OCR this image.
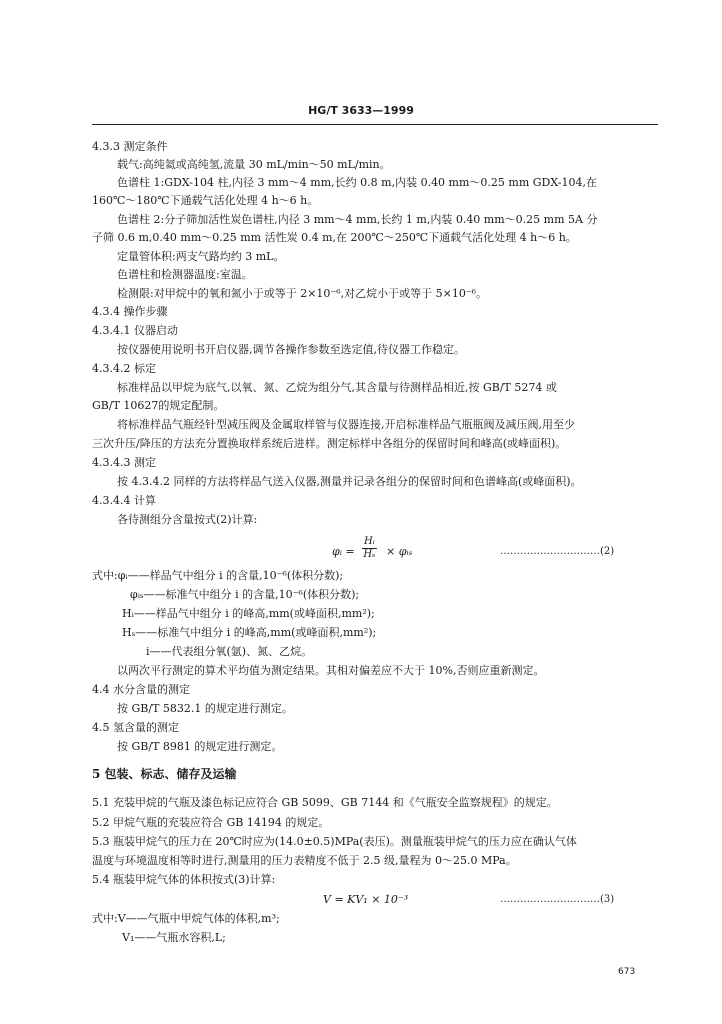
HG/T 3633—1999
4.3.3 测定条件
载气:高纯氦或高纯氢,流量 30 mL/min～50 mL/min。
色谱柱 1:GDX-104 柱,内径 3 mm～4 mm,长约 0.8 m,内装 0.40 mm～0.25 mm GDX-104,在
160℃～180℃下通载气活化处理 4 h～6 h。
色谱柱 2:分子筛加活性炭色谱柱,内径 3 mm～4 mm,长约 1 m,内装 0.40 mm～0.25 mm 5A 分
子筛 0.6 m,0.40 mm～0.25 mm 活性炭 0.4 m,在 200℃～250℃下通载气活化处理 4 h～6 h。
定量管体积:两支气路均约 3 mL。
色谱柱和检测器温度:室温。
检测限:对甲烷中的氧和氮小于或等于 2×10⁻⁶,对乙烷小于或等于 5×10⁻⁶。
4.3.4 操作步骤
4.3.4.1 仪器启动
按仪器使用说明书开启仪器,调节各操作参数至选定值,待仪器工作稳定。
4.3.4.2 标定
标准样品以甲烷为底气,以氧、氮、乙烷为组分气,其含量与待测样品相近,按 GB/T 5274 或
GB/T 10627的规定配制。
将标准样品气瓶经针型减压阀及金属取样管与仪器连接,开启标准样品气瓶瓶阀及减压阀,用至少
三次升压/降压的方法充分置换取样系统后进样。测定标样中各组分的保留时间和峰高(或峰面积)。
4.3.4.3 测定
按 4.3.4.2 同样的方法将样品气送入仪器,测量并记录各组分的保留时间和色谱峰高(或峰面积)。
4.3.4.4 计算
各待测组分含量按式(2)计算:
φᵢ = $\frac{\text{Hᵢ}}{\text{Hₛ}}$ × φᵢₛ	…………………………(2)
式中:φᵢ——样品气中组分 i 的含量,10⁻⁶(体积分数);
φᵢₛ——标准气中组分 i 的含量,10⁻⁶(体积分数);
Hᵢ——样品气中组分 i 的峰高,mm(或峰面积,mm²);
Hₛ——标准气中组分 i 的峰高,mm(或峰面积,mm²);
i——代表组分氧(氩)、氮、乙烷。
以两次平行测定的算术平均值为测定结果。其相对偏差应不大于 10%,否则应重新测定。
4.4 水分含量的测定
按 GB/T 5832.1 的规定进行测定。
4.5 氢含量的测定
按 GB/T 8981 的规定进行测定。
5 包装、标志、储存及运输
5.1 充装甲烷的气瓶及漆色标记应符合 GB 5099、GB 7144 和《气瓶安全监察规程》的规定。
5.2 甲烷气瓶的充装应符合 GB 14194 的规定。
5.3 瓶装甲烷气的压力在 20℃时应为(14.0±0.5)MPa(表压)。测量瓶装甲烷气的压力应在确认气体
温度与环境温度相等时进行,测量用的压力表精度不低于 2.5 级,量程为 0～25.0 MPa。
5.4 瓶装甲烷气体的体积按式(3)计算:
V = KV₁ × 10⁻³	…………………………(3)
式中:V——气瓶中甲烷气体的体积,m³;
V₁——气瓶水容积,L;
673
